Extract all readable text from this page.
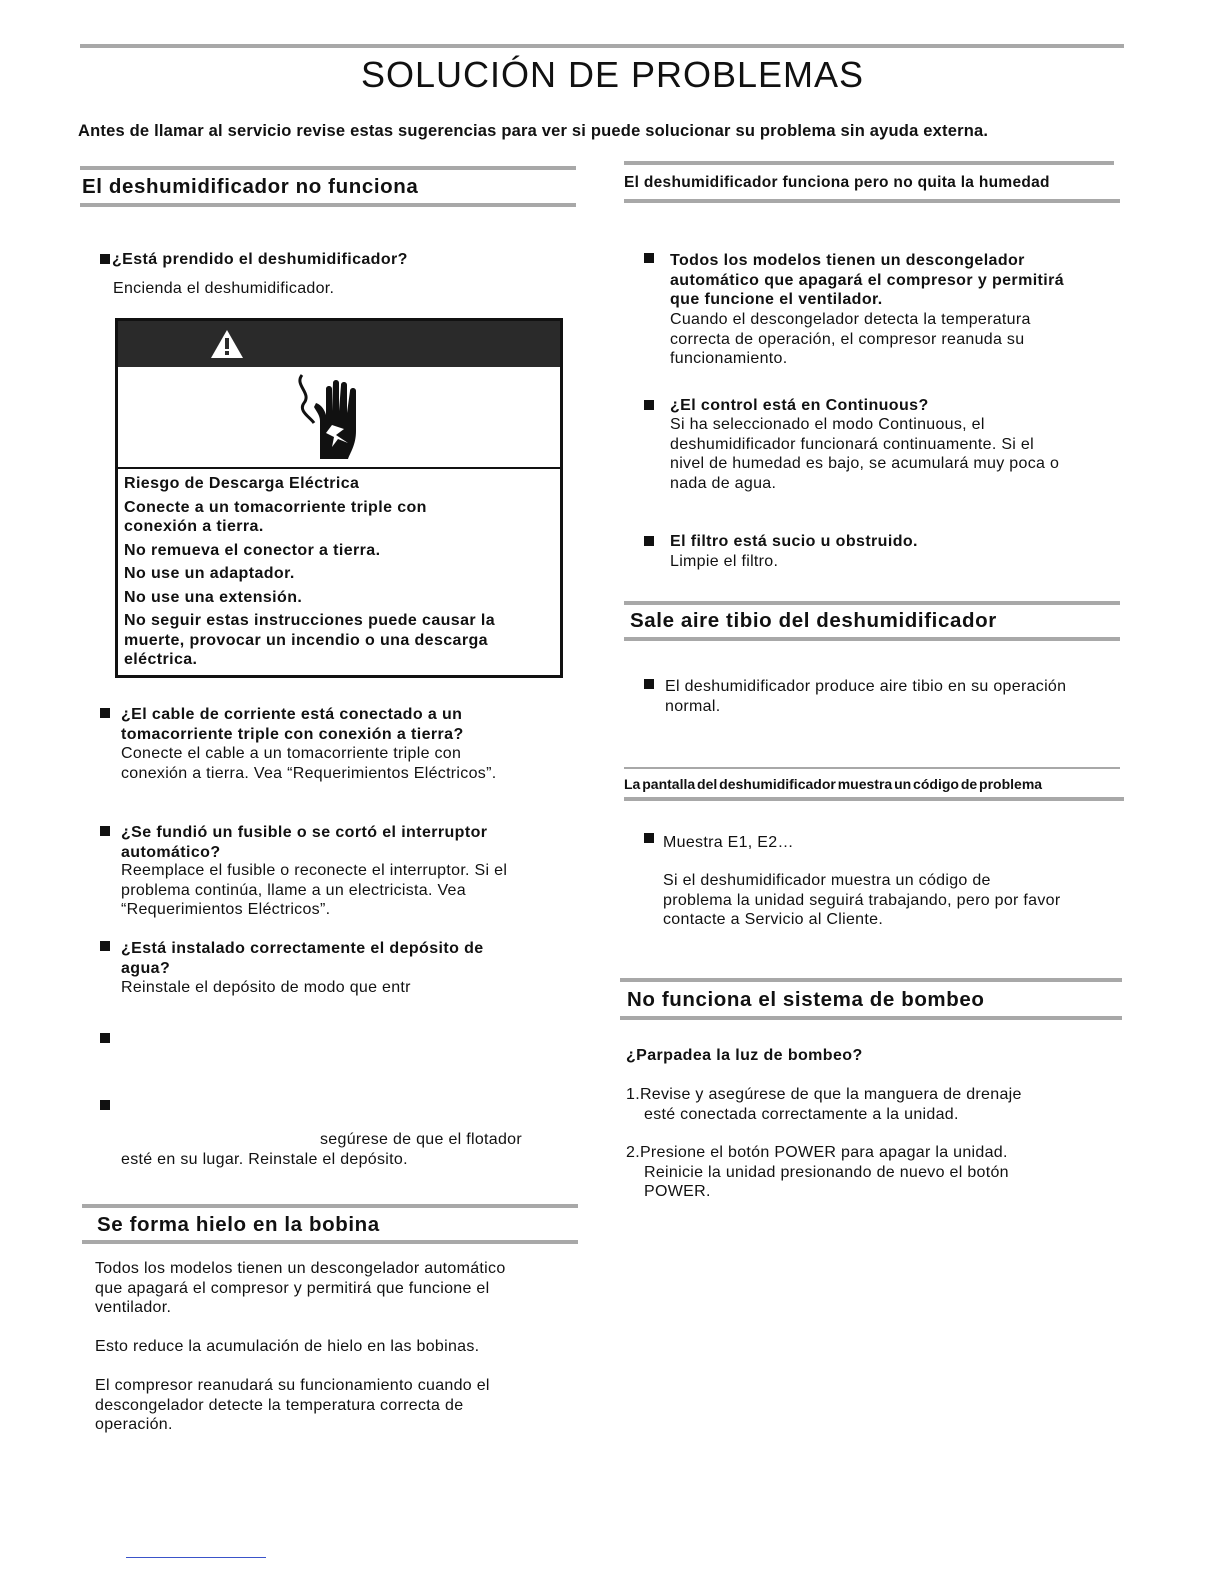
SOLUCIÓN DE PROBLEMAS
Antes de llamar al servicio revise estas sugerencias para ver si puede solucionar su problema sin ayuda externa.
El deshumidificador no funciona
¿Está prendido el deshumidificador?
Encienda el deshumidificador.
Riesgo de Descarga Eléctrica
Conecte a un tomacorriente triple con
conexión a tierra.
No remueva el conector a tierra.
No use un adaptador.
No use una extensión.
No seguir estas instrucciones puede causar la
muerte, provocar un incendio o una descarga
eléctrica.
¿El cable de corriente está conectado a un
tomacorriente triple con conexión a tierra?
Conecte el cable a un tomacorriente triple con
conexión a tierra. Vea “Requerimientos Eléctricos”.
¿Se fundió un fusible o se cortó el interruptor
automático?
Reemplace el fusible o reconecte el interruptor. Si el
problema continúa, llame a un electricista. Vea
“Requerimientos Eléctricos”.
¿Está instalado correctamente el depósito de
agua?
Reinstale el depósito de modo que entr
segúrese de que el flotador
esté en su lugar. Reinstale el depósito.
Se forma hielo en la bobina
Todos los modelos tienen un descongelador automático
que apagará el compresor y permitirá que funcione el
ventilador.
Esto reduce la acumulación de hielo en las bobinas.
El compresor reanudará su funcionamiento cuando el
descongelador detecte la temperatura correcta de
operación.
El deshumidificador funciona pero no quita la humedad
Todos los modelos tienen un descongelador
automático que apagará el compresor y permitirá
que funcione el ventilador.
Cuando el descongelador detecta la temperatura
correcta de operación, el compresor reanuda su
funcionamiento.
¿El control está en Continuous?
Si ha seleccionado el modo Continuous, el
deshumidificador funcionará continuamente. Si el
nivel de humedad es bajo, se acumulará muy poca o
nada de agua.
El filtro está sucio u obstruido.
Limpie el filtro.
Sale aire tibio del deshumidificador
El deshumidificador produce aire tibio en su operación
normal.
La pantalla del deshumidificador muestra un código de problema
Muestra E1, E2…
Si el deshumidificador muestra un código de
problema la unidad seguirá trabajando, pero por favor
contacte a Servicio al Cliente.
No funciona el sistema de bombeo
¿Parpadea la luz de bombeo?
1.Revise y asegúrese de que la manguera de drenaje
esté conectada correctamente a la unidad.
2.Presione el botón POWER para apagar la unidad.
Reinicie la unidad presionando de nuevo el botón
POWER.
